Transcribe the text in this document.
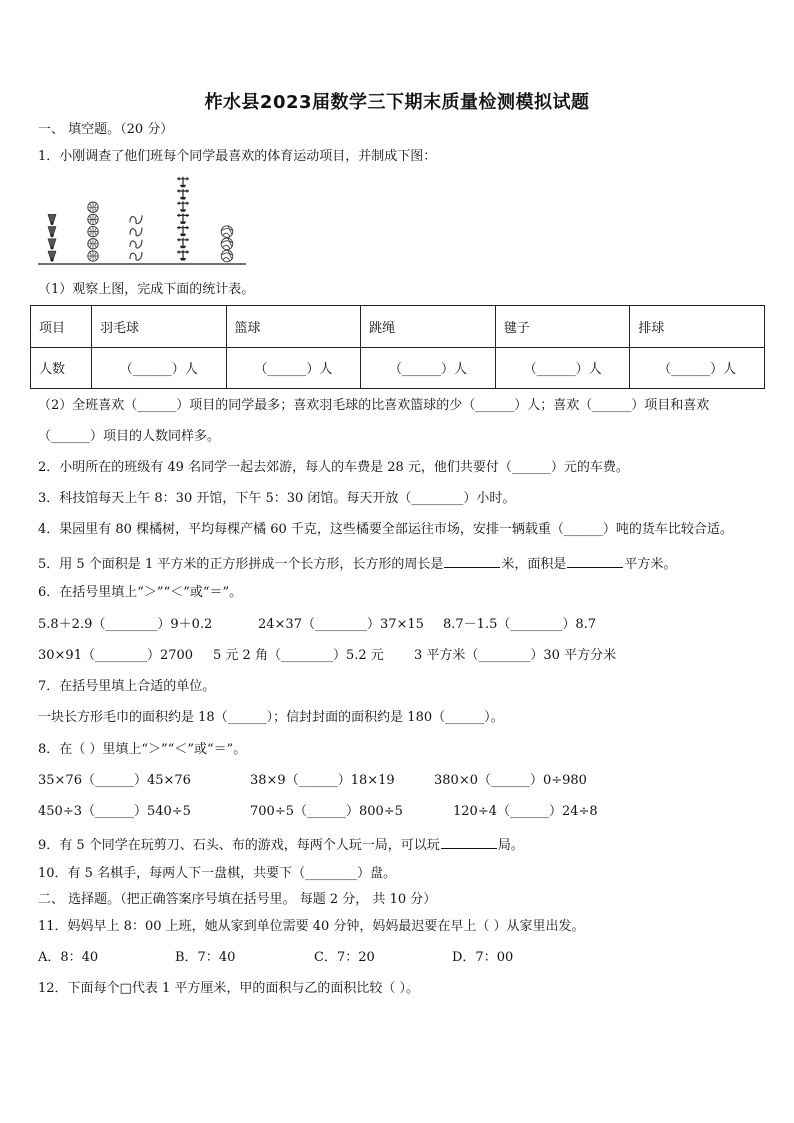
柞水县2023届数学三下期末质量检测模拟试题
一、 填空题。（20 分）
1．小刚调查了他们班每个同学最喜欢的体育运动项目，并制成下图：
（1）观察上图，完成下面的统计表。
项目	羽毛球	篮球	跳绳	毽子	排球
人数	（______）人	（______）人	（______）人	（______）人	（______）人
（2）全班喜欢（______）项目的同学最多；喜欢羽毛球的比喜欢篮球的少（______）人；喜欢（______）项目和喜欢
（______）项目的人数同样多。
2．小明所在的班级有 49 名同学一起去郊游，每人的车费是 28 元，他们共要付（______）元的车费。
3．科技馆每天上午 8：30 开馆，下午 5：30 闭馆。每天开放（________）小时。
4．果园里有 80 棵橘树，平均每棵产橘 60 千克，这些橘要全部运往市场，安排一辆载重（______）吨的货车比较合适。
5．用 5 个面积是 1 平方米的正方形拼成一个长方形，长方形的周长是	米，面积是	平方米。
6．在括号里填上“＞”“＜”或“＝”。
5.8＋2.9（________）9＋0.2	24×37（________）37×15 8.7－1.5（________）8.7
30×91（________）2700 5 元 2 角（________）5.2 元 3 平方米（________）30 平方分米
7．在括号里填上合适的单位。
一块长方形毛巾的面积约是 18（______）；信封封面的面积约是 180（______）。
8．在（ ）里填上“＞”“＜”或“＝”。
35×76（______）45×76	38×9（______）18×19	380×0（______）0÷980
450÷3（______）540÷5	700÷5（______）800÷5	120÷4（______）24÷8
9．有 5 个同学在玩剪刀、石头、布的游戏，每两个人玩一局，可以玩	局。
10．有 5 名棋手，每两人下一盘棋，共要下（________）盘。
二、 选择题。（把正确答案序号填在括号里。 每题 2 分， 共 10 分）
11．妈妈早上 8：00 上班，她从家到单位需要 40 分钟，妈妈最迟要在早上（ ）从家里出发。
A．8：40	B．7：40	C．7：20	D．7：00
12．下面每个□代表 1 平方厘米，甲的面积与乙的面积比较（ ）。
